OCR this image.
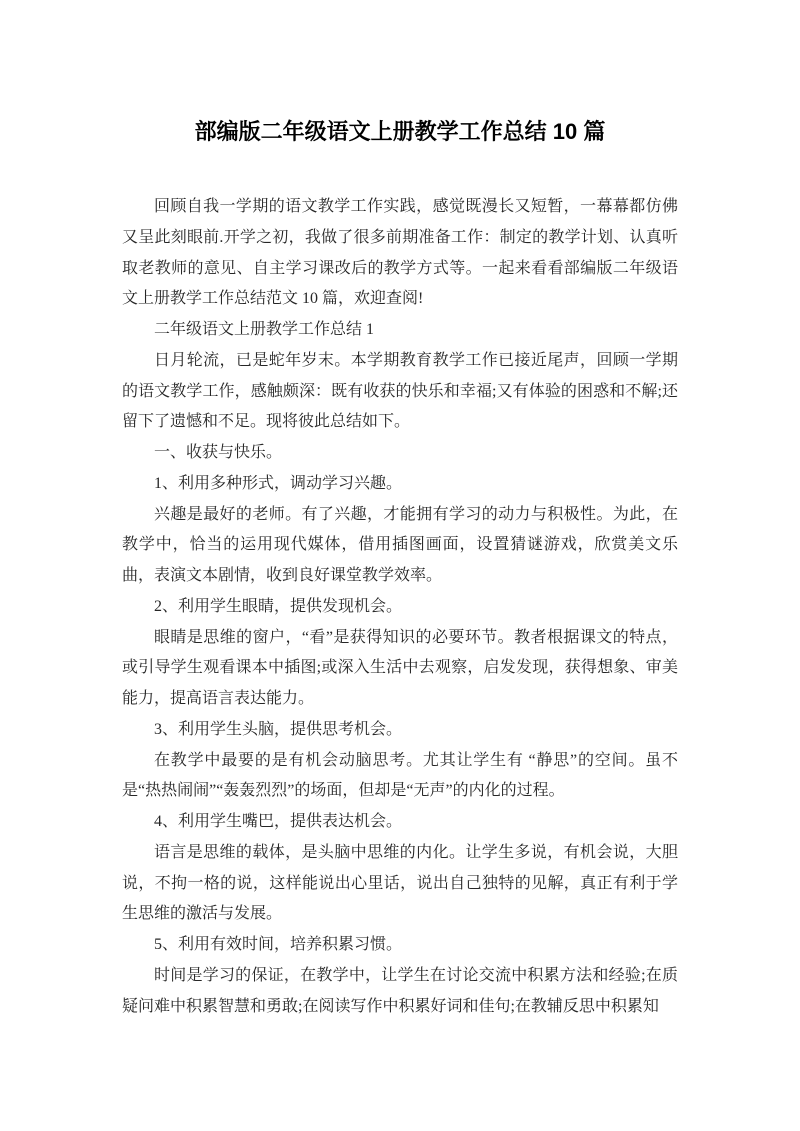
部编版二年级语文上册教学工作总结 10 篇

回顾自我一学期的语文教学工作实践，感觉既漫长又短暂，一幕幕都仿佛又呈此刻眼前.开学之初，我做了很多前期准备工作：制定的教学计划、认真听取老教师的意见、自主学习课改后的教学方式等。一起来看看部编版二年级语文上册教学工作总结范文 10 篇，欢迎查阅!

二年级语文上册教学工作总结 1

日月轮流，已是蛇年岁末。本学期教育教学工作已接近尾声，回顾一学期的语文教学工作，感触颇深：既有收获的快乐和幸福;又有体验的困惑和不解;还留下了遗憾和不足。现将彼此总结如下。

一、收获与快乐。

1、利用多种形式，调动学习兴趣。

兴趣是最好的老师。有了兴趣，才能拥有学习的动力与积极性。为此，在教学中，恰当的运用现代媒体，借用插图画面，设置猜谜游戏，欣赏美文乐曲，表演文本剧情，收到良好课堂教学效率。

2、利用学生眼睛，提供发现机会。

眼睛是思维的窗户，“看”是获得知识的必要环节。教者根据课文的特点，或引导学生观看课本中插图;或深入生活中去观察，启发发现，获得想象、审美能力，提高语言表达能力。

3、利用学生头脑，提供思考机会。

在教学中最要的是有机会动脑思考。尤其让学生有 “静思”的空间。虽不是“热热闹闹”“轰轰烈烈”的场面，但却是“无声”的内化的过程。

4、利用学生嘴巴，提供表达机会。

语言是思维的载体，是头脑中思维的内化。让学生多说，有机会说，大胆说，不拘一格的说，这样能说出心里话，说出自己独特的见解，真正有利于学生思维的激活与发展。

5、利用有效时间，培养积累习惯。

时间是学习的保证，在教学中，让学生在讨论交流中积累方法和经验;在质疑问难中积累智慧和勇敢;在阅读写作中积累好词和佳句;在教辅反思中积累知
